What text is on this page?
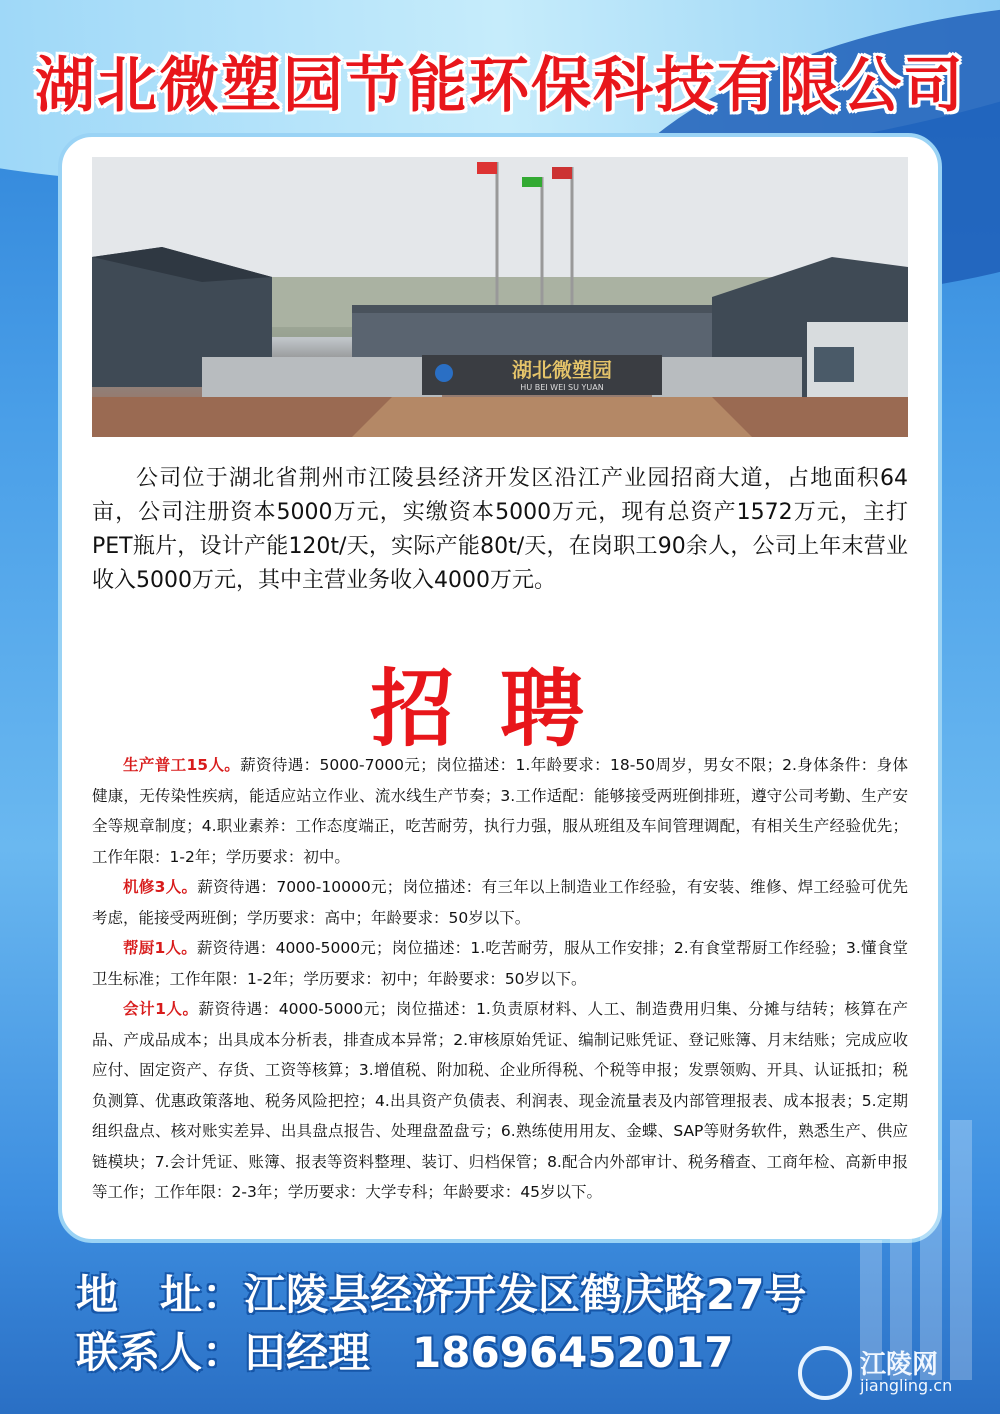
湖北微塑园节能环保科技有限公司
湖北微塑园
HU BEI WEI SU YUAN
公司位于湖北省荆州市江陵县经济开发区沿江产业园招商大道，占地面积64亩，公司注册资本5000万元，实缴资本5000万元，现有总资产1572万元，主打PET瓶片，设计产能120t/天，实际产能80t/天，在岗职工90余人，公司上年末营业收入5000万元，其中主营业务收入4000万元。
招聘

生产普工15人。薪资待遇：5000-7000元；岗位描述：1.年龄要求：18-50周岁，男女不限；2.身体条件：身体健康，无传染性疾病，能适应站立作业、流水线生产节奏；3.工作适配：能够接受两班倒排班，遵守公司考勤、生产安全等规章制度；4.职业素养：工作态度端正，吃苦耐劳，执行力强，服从班组及车间管理调配，有相关生产经验优先；工作年限：1-2年；学历要求：初中。

机修3人。薪资待遇：7000-10000元；岗位描述：有三年以上制造业工作经验，有安装、维修、焊工经验可优先考虑，能接受两班倒；学历要求：高中；年龄要求：50岁以下。

帮厨1人。薪资待遇：4000-5000元；岗位描述：1.吃苦耐劳，服从工作安排；2.有食堂帮厨工作经验；3.懂食堂卫生标准；工作年限：1-2年；学历要求：初中；年龄要求：50岁以下。

会计1人。薪资待遇：4000-5000元；岗位描述：1.负责原材料、人工、制造费用归集、分摊与结转；核算在产品、产成品成本；出具成本分析表，排查成本异常；2.审核原始凭证、编制记账凭证、登记账簿、月末结账；完成应收应付、固定资产、存货、工资等核算；3.增值税、附加税、企业所得税、个税等申报；发票领购、开具、认证抵扣；税负测算、优惠政策落地、税务风险把控；4.出具资产负债表、利润表、现金流量表及内部管理报表、成本报表；5.定期组织盘点、核对账实差异、出具盘点报告、处理盘盈盘亏；6.熟练使用用友、金蝶、SAP等财务软件，熟悉生产、供应链模块；7.会计凭证、账簿、报表等资料整理、装订、归档保管；8.配合内外部审计、税务稽查、工商年检、高新申报等工作；工作年限：2-3年；学历要求：大学专科；年龄要求：45岁以下。

地　址：江陵县经济开发区鹤庆路27号
联系人：田经理　 18696452017	江陵网
jiangling.cn
